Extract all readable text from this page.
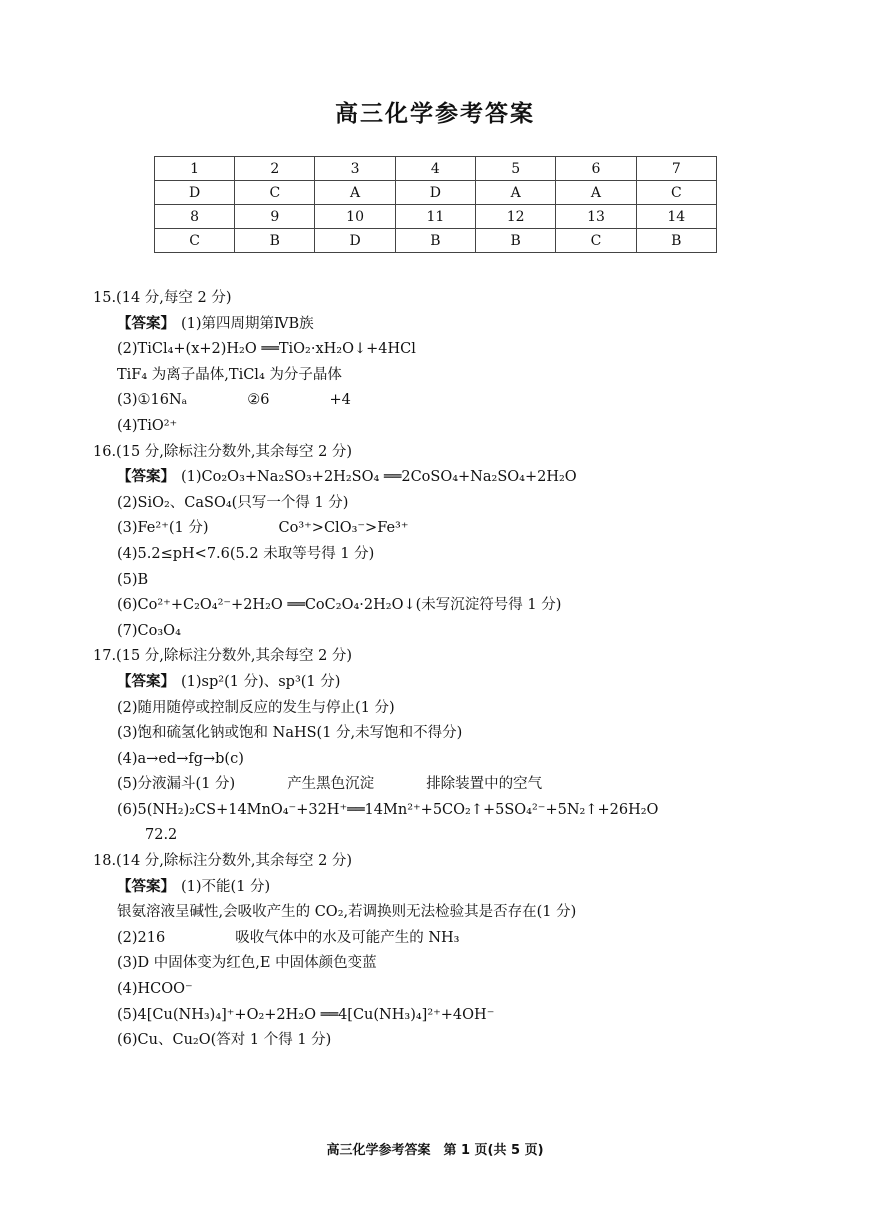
高三化学参考答案
1	2	3	4	5	6	7
D	C	A	D	A	A	C
8	9	10	11	12	13	14
C	B	D	B	B	C	B
15.(14 分,每空 2 分)
【答案】 (1)第四周期第ⅣB族
(2)TiCl₄+(x+2)H₂O ══TiO₂·xH₂O↓+4HCl
TiF₄ 为离子晶体,TiCl₄ 为分子晶体
(3)①16Nₐ	②6	+4
(4)TiO²⁺
16.(15 分,除标注分数外,其余每空 2 分)
【答案】 (1)Co₂O₃+Na₂SO₃+2H₂SO₄ ══2CoSO₄+Na₂SO₄+2H₂O
(2)SiO₂、CaSO₄(只写一个得 1 分)
(3)Fe²⁺(1 分)	Co³⁺>ClO₃⁻>Fe³⁺
(4)5.2≤pH<7.6(5.2 未取等号得 1 分)
(5)B
(6)Co²⁺+C₂O₄²⁻+2H₂O ══CoC₂O₄·2H₂O↓(未写沉淀符号得 1 分)
(7)Co₃O₄
17.(15 分,除标注分数外,其余每空 2 分)
【答案】 (1)sp²(1 分)、sp³(1 分)
(2)随用随停或控制反应的发生与停止(1 分)
(3)饱和硫氢化钠或饱和 NaHS(1 分,未写饱和不得分)
(4)a→ed→fg→b(c)
(5)分液漏斗(1 分)	产生黑色沉淀	排除装置中的空气
(6)5(NH₂)₂CS+14MnO₄⁻+32H⁺══14Mn²⁺+5CO₂↑+5SO₄²⁻+5N₂↑+26H₂O
72.2
18.(14 分,除标注分数外,其余每空 2 分)
【答案】 (1)不能(1 分)
银氨溶液呈碱性,会吸收产生的 CO₂,若调换则无法检验其是否存在(1 分)
(2)216	吸收气体中的水及可能产生的 NH₃
(3)D 中固体变为红色,E 中固体颜色变蓝
(4)HCOO⁻
(5)4[Cu(NH₃)₄]⁺+O₂+2H₂O ══4[Cu(NH₃)₄]²⁺+4OH⁻
(6)Cu、Cu₂O(答对 1 个得 1 分)
高三化学参考答案　第 1 页(共 5 页)
